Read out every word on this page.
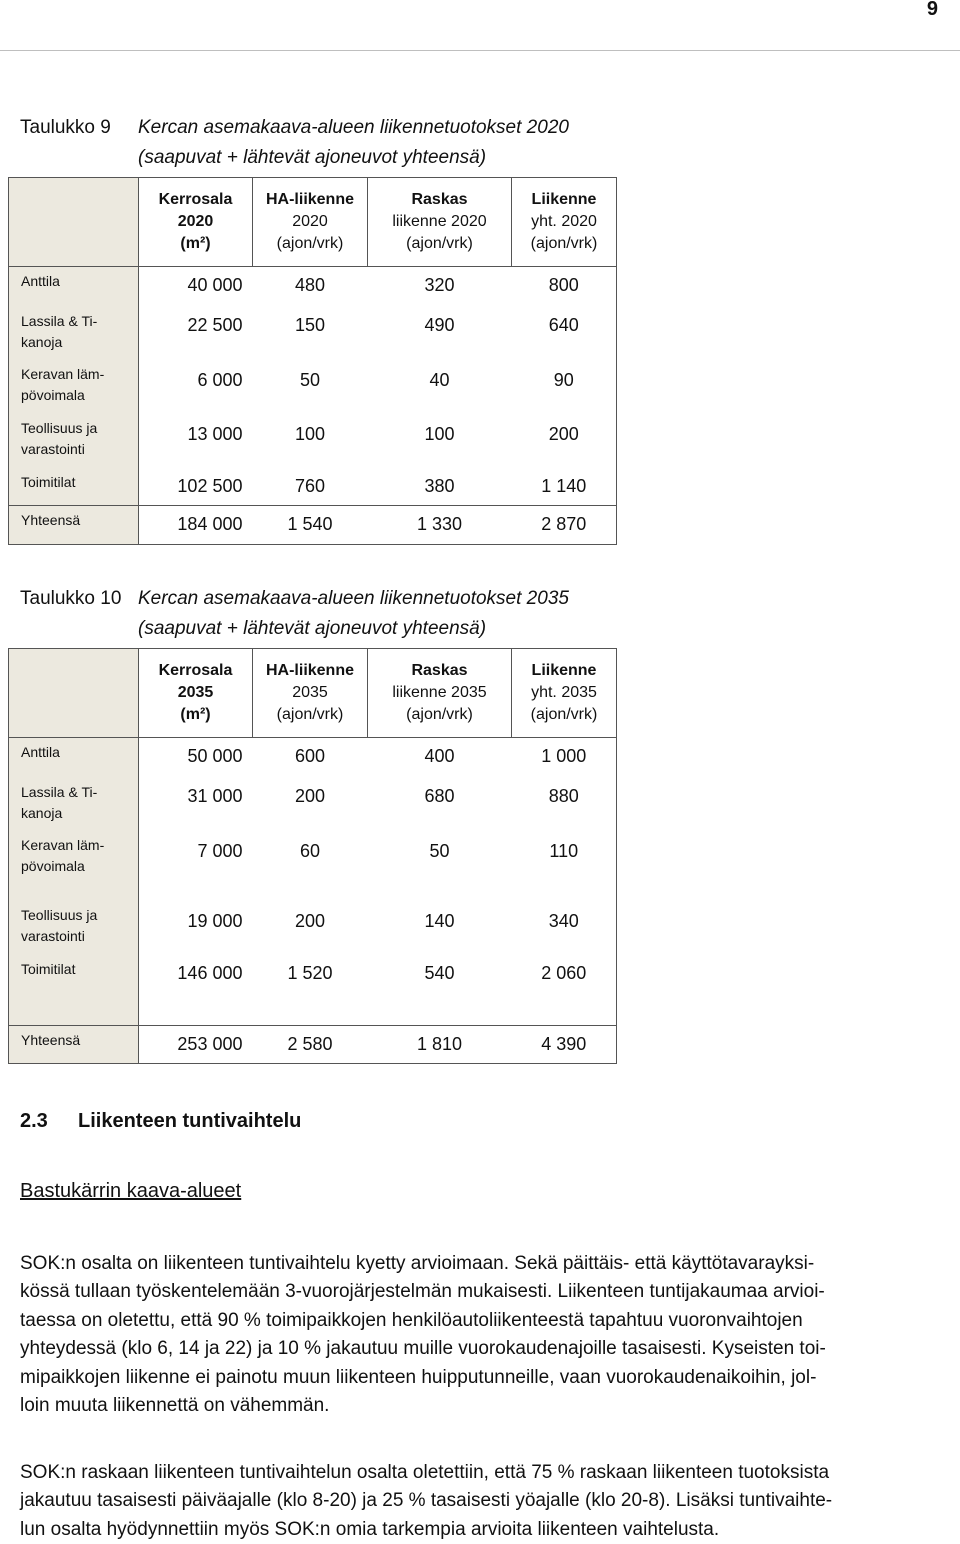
9
Taulukko 9 Kercan asemakaava-alueen liikennetuotokset 2020
(saapuvat + lähtevät ajoneuvot yhteensä)

	Kerrosala
2020
(m²)	HA-liikenne
2020
(ajon/vrk)	Raskas
liikenne 2020
(ajon/vrk)	Liikenne
yht. 2020
(ajon/vrk)

Anttila	40 000	480	320	800
Lassila & Ti-
kanoja	22 500	150	490	640
Keravan läm-
pövoimala	6 000	50	40	90
Teollisuus ja
varastointi	13 000	100	100	200
Toimitilat	102 500	760	380	1 140
Yhteensä	184 000	1 540	1 330	2 870
Taulukko 10 Kercan asemakaava-alueen liikennetuotokset 2035
(saapuvat + lähtevät ajoneuvot yhteensä)

	Kerrosala
2035
(m²)	HA-liikenne
2035
(ajon/vrk)	Raskas
liikenne 2035
(ajon/vrk)	Liikenne
yht. 2035
(ajon/vrk)

Anttila	50 000	600	400	1 000
Lassila & Ti-
kanoja	31 000	200	680	880
Keravan läm-
pövoimala	7 000	60	50	110
Teollisuus ja
varastointi	19 000	200	140	340
Toimitilat	146 000	1 520	540	2 060
Yhteensä	253 000	2 580	1 810	4 390
2.3 Liikenteen tuntivaihtelu
Bastukärrin kaava-alueet

SOK:n osalta on liikenteen tuntivaihtelu kyetty arvioimaan. Sekä päittäis- että käyttötavarayksi-
kössä tullaan työskentelemään 3-vuorojärjestelmän mukaisesti. Liikenteen tuntijakaumaa arvioi-
taessa on oletettu, että 90 % toimipaikkojen henkilöautoliikenteestä tapahtuu vuoronvaihtojen
yhteydessä (klo 6, 14 ja 22) ja 10 % jakautuu muille vuorokaudenajoille tasaisesti. Kyseisten toi-
mipaikkojen liikenne ei painotu muun liikenteen huipputunneille, vaan vuorokaudenaikoihin, jol-
loin muuta liikennettä on vähemmän.

SOK:n raskaan liikenteen tuntivaihtelun osalta oletettiin, että 75 % raskaan liikenteen tuotoksista
jakautuu tasaisesti päiväajalle (klo 8-20) ja 25 % tasaisesti yöajalle (klo 20-8). Lisäksi tuntivaihte-
lun osalta hyödynnettiin myös SOK:n omia tarkempia arvioita liikenteen vaihtelusta.
